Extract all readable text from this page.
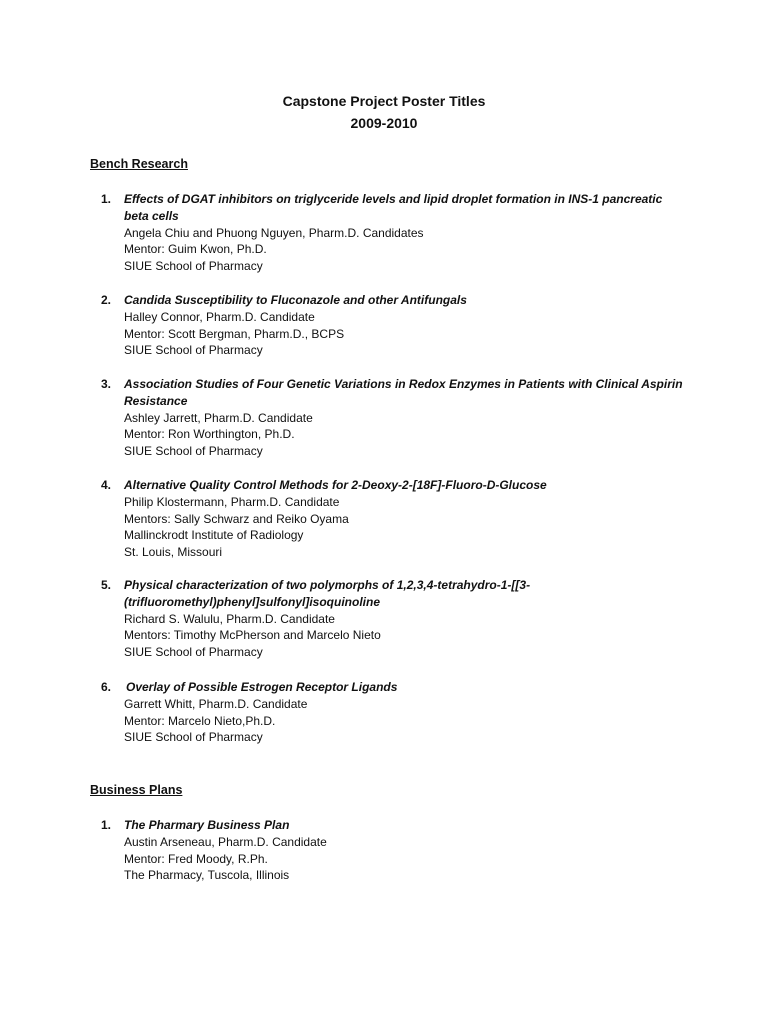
Capstone Project Poster Titles
2009-2010
Bench Research
1. Effects of DGAT inhibitors on triglyceride levels and lipid droplet formation in INS-1 pancreatic beta cells
Angela Chiu and Phuong Nguyen, Pharm.D. Candidates
Mentor: Guim Kwon, Ph.D.
SIUE School of Pharmacy
2. Candida Susceptibility to Fluconazole and other Antifungals
Halley Connor, Pharm.D. Candidate
Mentor: Scott Bergman, Pharm.D., BCPS
SIUE School of Pharmacy
3. Association Studies of Four Genetic Variations in Redox Enzymes in Patients with Clinical Aspirin Resistance
Ashley Jarrett, Pharm.D. Candidate
Mentor: Ron Worthington, Ph.D.
SIUE School of Pharmacy
4. Alternative Quality Control Methods for 2-Deoxy-2-[18F]-Fluoro-D-Glucose
Philip Klostermann, Pharm.D. Candidate
Mentors: Sally Schwarz and Reiko Oyama
Mallinckrodt Institute of Radiology
St. Louis, Missouri
5. Physical characterization of two polymorphs of 1,2,3,4-tetrahydro-1-[[3-(trifluoromethyl)phenyl]sulfonyl]isoquinoline
Richard S. Walulu, Pharm.D. Candidate
Mentors: Timothy McPherson and Marcelo Nieto
SIUE School of Pharmacy
6. Overlay of Possible Estrogen Receptor Ligands
Garrett Whitt, Pharm.D. Candidate
Mentor: Marcelo Nieto,Ph.D.
SIUE School of Pharmacy
Business Plans
1. The Pharmary Business Plan
Austin Arseneau, Pharm.D. Candidate
Mentor: Fred Moody, R.Ph.
The Pharmacy, Tuscola, Illinois
